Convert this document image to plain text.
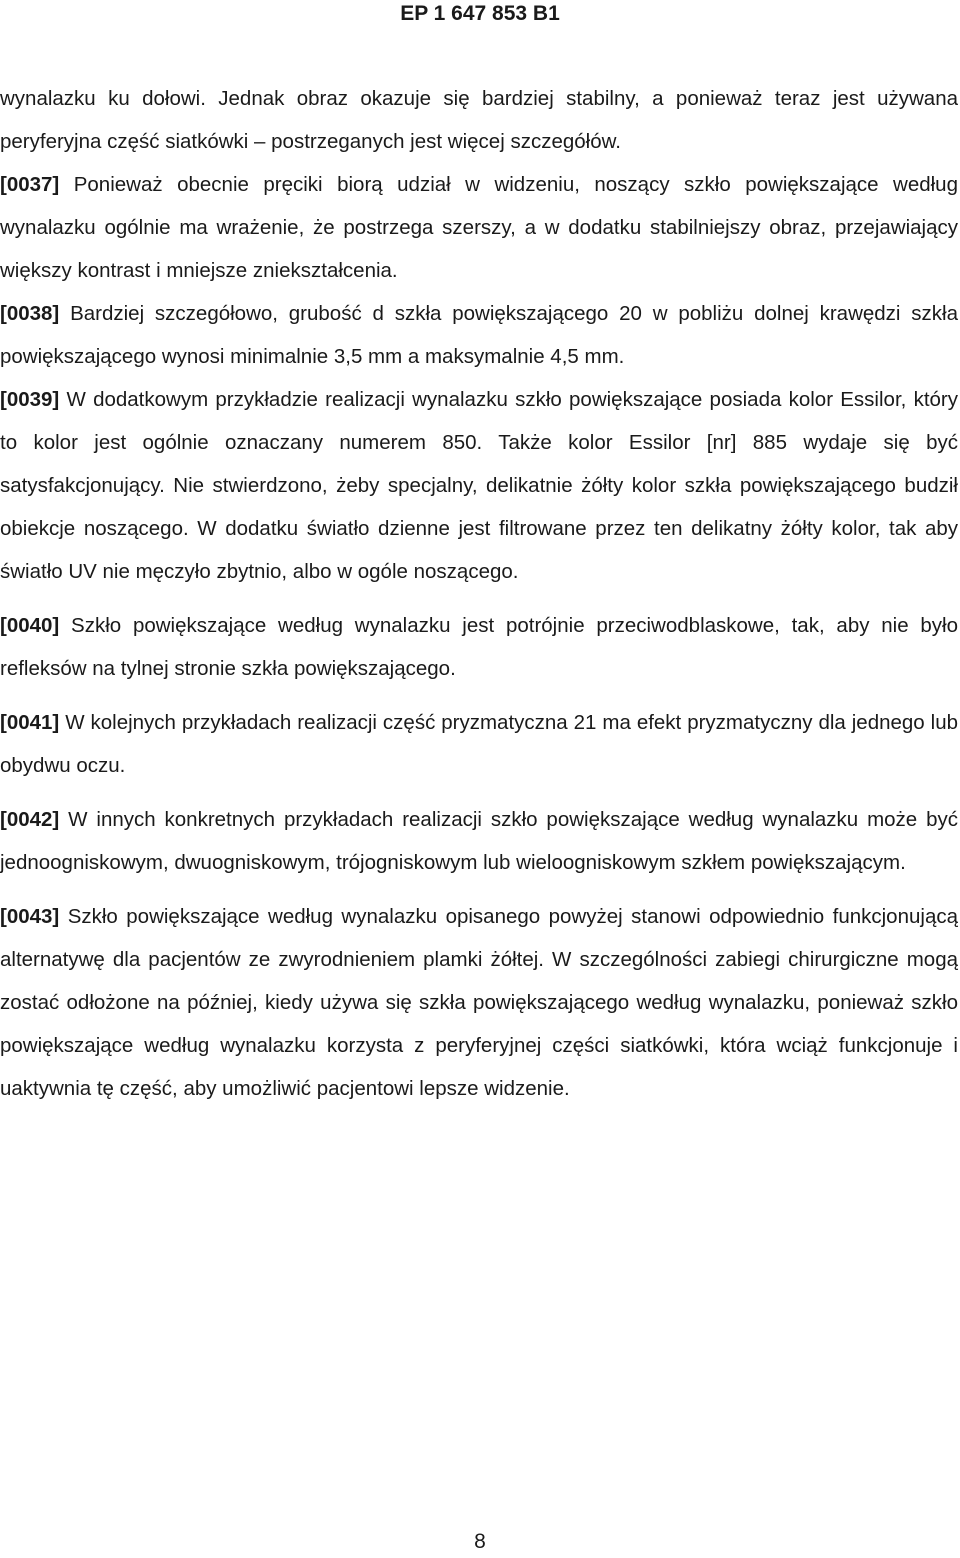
EP 1 647 853 B1

wynalazku ku dołowi. Jednak obraz okazuje się bardziej stabilny, a ponieważ teraz jest używana peryferyjna część siatkówki – postrzeganych jest więcej szczegółów.

[0037] Ponieważ obecnie pręciki biorą udział w widzeniu, noszący szkło powiększające według wynalazku ogólnie ma wrażenie, że postrzega szerszy, a w dodatku stabilniejszy obraz, przejawiający większy kontrast i mniejsze zniekształcenia.

[0038] Bardziej szczegółowo, grubość d szkła powiększającego 20 w pobliżu dolnej krawędzi szkła powiększającego wynosi minimalnie 3,5 mm a maksymalnie 4,5 mm.

[0039] W dodatkowym przykładzie realizacji wynalazku szkło powiększające posiada kolor Essilor, który to kolor jest ogólnie oznaczany numerem 850. Także kolor Essilor [nr] 885 wydaje się być satysfakcjonujący. Nie stwierdzono, żeby specjalny, delikatnie żółty kolor szkła powiększającego budził obiekcje noszącego. W dodatku światło dzienne jest filtrowane przez ten delikatny żółty kolor, tak aby światło UV nie męczyło zbytnio, albo w ogóle noszącego.

[0040] Szkło powiększające według wynalazku jest potrójnie przeciwodblaskowe, tak, aby nie było refleksów na tylnej stronie szkła powiększającego.

[0041] W kolejnych przykładach realizacji część pryzmatyczna 21 ma efekt pryzmatyczny dla jednego lub obydwu oczu.

[0042] W innych konkretnych przykładach realizacji szkło powiększające według wynalazku może być jednoogniskowym, dwuogniskowym, trójogniskowym lub wieloogniskowym szkłem powiększającym.

[0043] Szkło powiększające według wynalazku opisanego powyżej stanowi odpowiednio funkcjonującą alternatywę dla pacjentów ze zwyrodnieniem plamki żółtej. W szczególności zabiegi chirurgiczne mogą zostać odłożone na później, kiedy używa się szkła powiększającego według wynalazku, ponieważ szkło powiększające według wynalazku korzysta z peryferyjnej części siatkówki, która wciąż funkcjonuje i uaktywnia tę część, aby umożliwić pacjentowi lepsze widzenie.

8
